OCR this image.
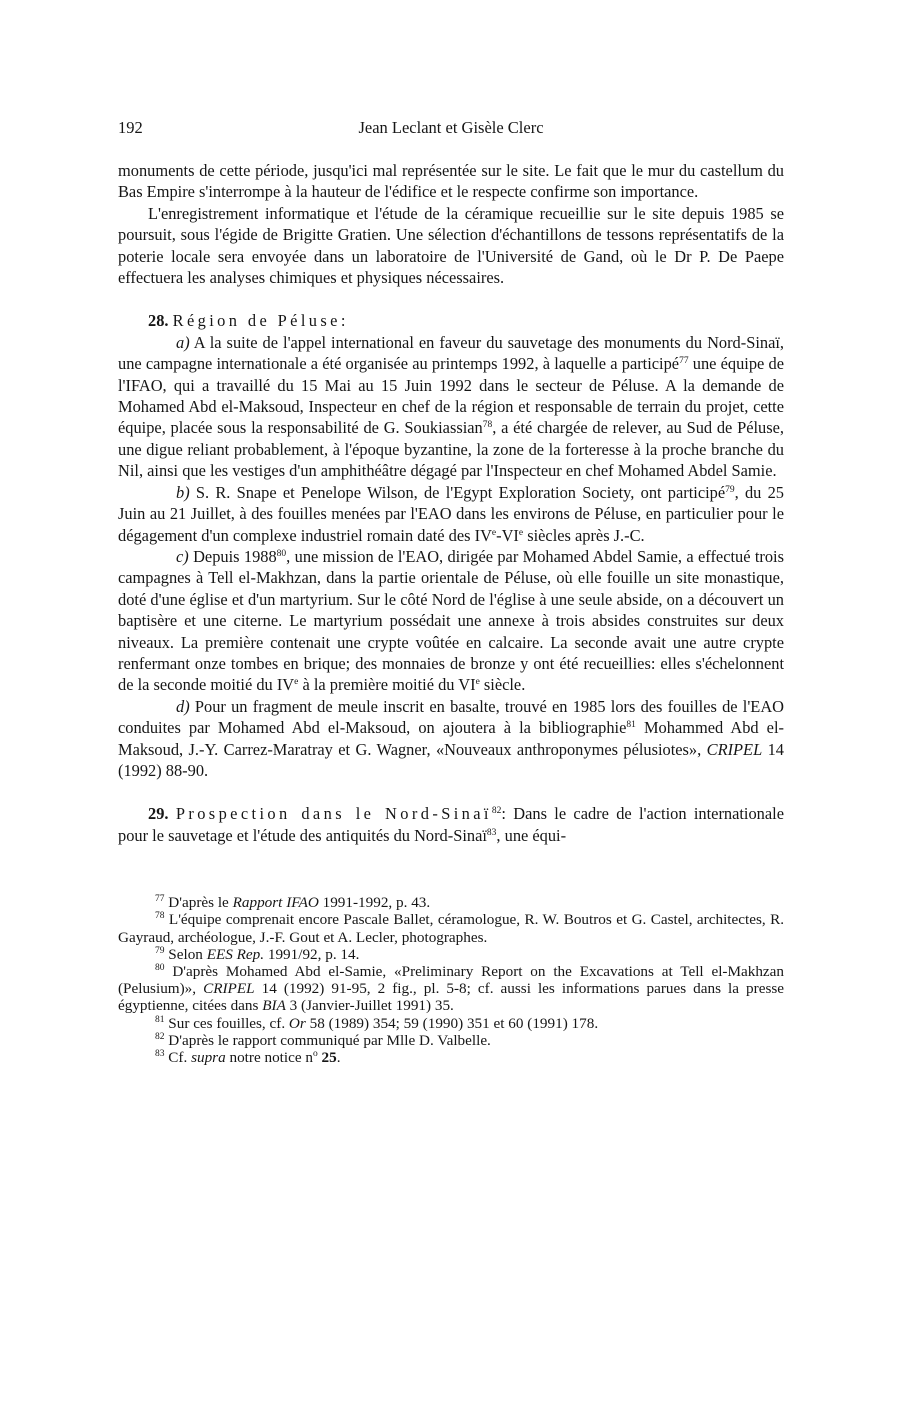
192	Jean Leclant et Gisèle Clerc

monuments de cette période, jusqu'ici mal représentée sur le site. Le fait que le mur du castellum du Bas Empire s'interrompe à la hauteur de l'édifice et le respecte confirme son importance.

L'enregistrement informatique et l'étude de la céramique recueillie sur le site depuis 1985 se poursuit, sous l'égide de Brigitte Gratien. Une sélection d'échantillons de tessons représentatifs de la poterie locale sera envoyée dans un laboratoire de l'Université de Gand, où le Dr P. De Paepe effectuera les analyses chimiques et physiques nécessaires.

28. Région de Péluse:

a) A la suite de l'appel international en faveur du sauvetage des monuments du Nord-Sinaï, une campagne internationale a été organisée au printemps 1992, à laquelle a participé$^{77}$ une équipe de l'IFAO, qui a travaillé du 15 Mai au 15 Juin 1992 dans le secteur de Péluse. A la demande de Mohamed Abd el-Maksoud, Inspecteur en chef de la région et responsable de terrain du projet, cette équipe, placée sous la responsabilité de G. Soukiassian$^{78}$, a été chargée de relever, au Sud de Péluse, une digue reliant probablement, à l'époque byzantine, la zone de la forteresse à la proche branche du Nil, ainsi que les vestiges d'un amphithéâtre dégagé par l'Inspecteur en chef Mohamed Abdel Samie.

b) S. R. Snape et Penelope Wilson, de l'Egypt Exploration Society, ont participé$^{79}$, du 25 Juin au 21 Juillet, à des fouilles menées par l'EAO dans les environs de Péluse, en particulier pour le dégagement d'un complexe industriel romain daté des IVe-VIe siècles après J.-C.

c) Depuis 1988$^{80}$, une mission de l'EAO, dirigée par Mohamed Abdel Samie, a effectué trois campagnes à Tell el-Makhzan, dans la partie orientale de Péluse, où elle fouille un site monastique, doté d'une église et d'un martyrium. Sur le côté Nord de l'église à une seule abside, on a découvert un baptisère et une citerne. Le martyrium possédait une annexe à trois absides construites sur deux niveaux. La première contenait une crypte voûtée en calcaire. La seconde avait une autre crypte renfermant onze tombes en brique; des monnaies de bronze y ont été recueillies: elles s'échelonnent de la seconde moitié du IVe à la première moitié du VIe siècle.

d) Pour un fragment de meule inscrit en basalte, trouvé en 1985 lors des fouilles de l'EAO conduites par Mohamed Abd el-Maksoud, on ajoutera à la bibliographie$^{81}$ Mohammed Abd el-Maksoud, J.-Y. Carrez-Maratray et G. Wagner, «Nouveaux anthroponymes pélusiotes», CRIPEL 14 (1992) 88-90.

29. Prospection dans le Nord-Sinaï$^{82}$: Dans le cadre de l'action internationale pour le sauvetage et l'étude des antiquités du Nord-Sinaï$^{83}$, une équi-

$^{77}$ D'après le Rapport IFAO 1991-1992, p. 43.

$^{78}$ L'équipe comprenait encore Pascale Ballet, céramologue, R. W. Boutros et G. Castel, architectes, R. Gayraud, archéologue, J.-F. Gout et A. Lecler, photographes.

$^{79}$ Selon EES Rep. 1991/92, p. 14.

$^{80}$ D'après Mohamed Abd el-Samie, «Preliminary Report on the Excavations at Tell el-Makhzan (Pelusium)», CRIPEL 14 (1992) 91-95, 2 fig., pl. 5-8; cf. aussi les informations parues dans la presse égyptienne, citées dans BIA 3 (Janvier-Juillet 1991) 35.

$^{81}$ Sur ces fouilles, cf. Or 58 (1989) 354; 59 (1990) 351 et 60 (1991) 178.

$^{82}$ D'après le rapport communiqué par Mlle D. Valbelle.

$^{83}$ Cf. supra notre notice $n^o$ 25.
